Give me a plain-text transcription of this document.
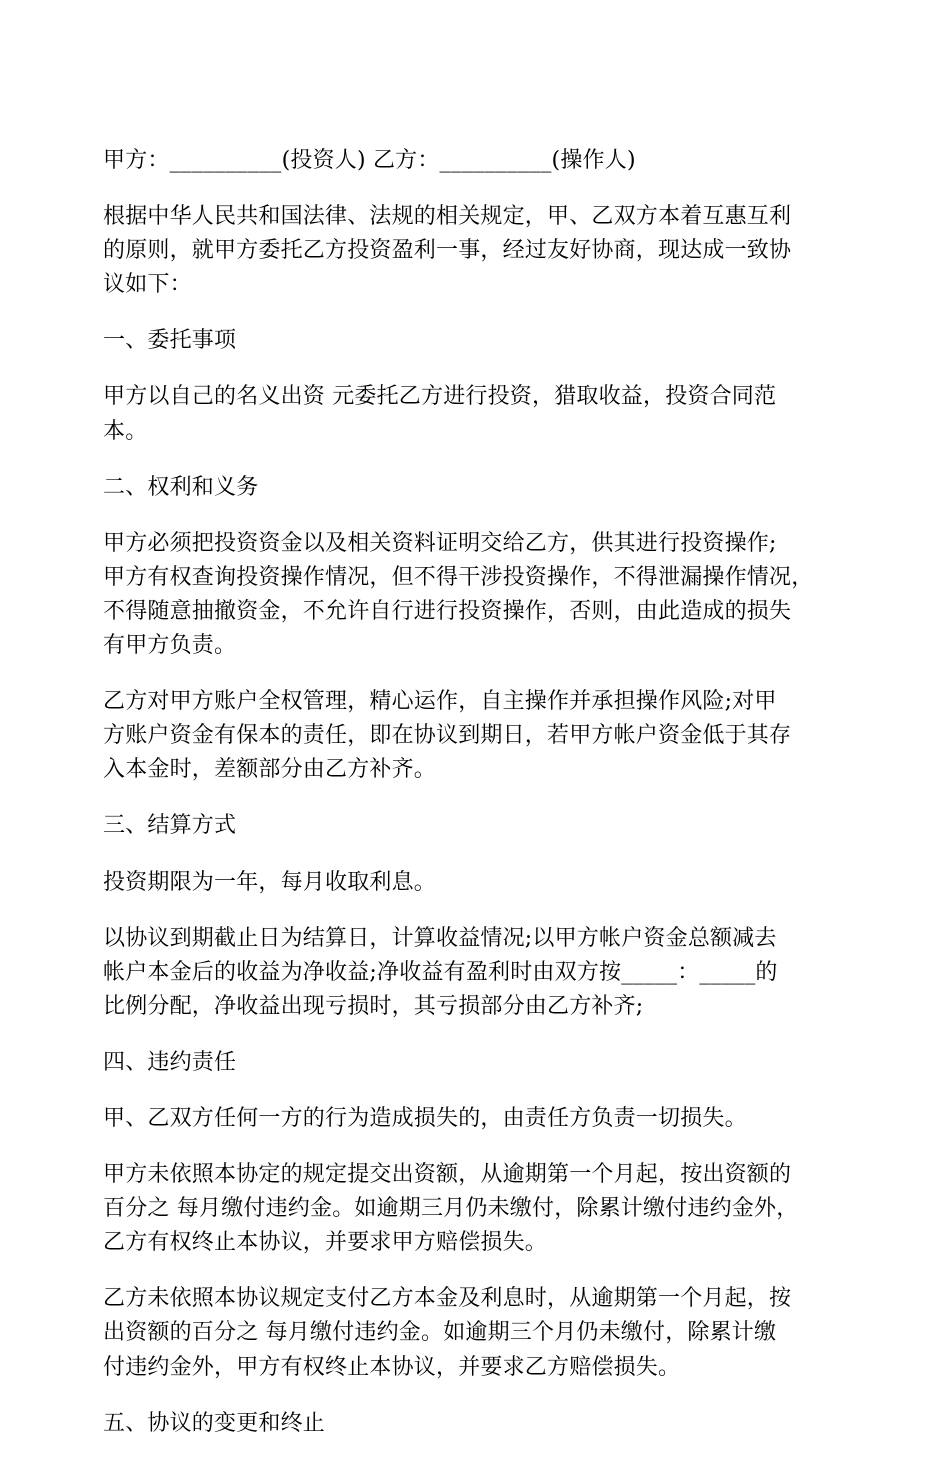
甲方：__________(投资人) 乙方：__________(操作人)
根据中华人民共和国法律、法规的相关规定，甲、乙双方本着互惠互利
的原则，就甲方委托乙方投资盈利一事，经过友好协商，现达成一致协
议如下：
一、委托事项
甲方以自己的名义出资 元委托乙方进行投资，猎取收益，投资合同范
本。
二、权利和义务
甲方必须把投资资金以及相关资料证明交给乙方，供其进行投资操作;
甲方有权查询投资操作情况，但不得干涉投资操作，不得泄漏操作情况，
不得随意抽撤资金，不允许自行进行投资操作，否则，由此造成的损失
有甲方负责。
乙方对甲方账户全权管理，精心运作，自主操作并承担操作风险;对甲
方账户资金有保本的责任，即在协议到期日，若甲方帐户资金低于其存
入本金时，差额部分由乙方补齐。
三、结算方式
投资期限为一年，每月收取利息。
以协议到期截止日为结算日，计算收益情况;以甲方帐户资金总额减去
帐户本金后的收益为净收益;净收益有盈利时由双方按_____：_____的
比例分配，净收益出现亏损时，其亏损部分由乙方补齐;
四、违约责任
甲、乙双方任何一方的行为造成损失的，由责任方负责一切损失。
甲方未依照本协定的规定提交出资额，从逾期第一个月起，按出资额的
百分之 每月缴付违约金。如逾期三月仍未缴付，除累计缴付违约金外，
乙方有权终止本协议，并要求甲方赔偿损失。
乙方未依照本协议规定支付乙方本金及利息时，从逾期第一个月起，按
出资额的百分之 每月缴付违约金。如逾期三个月仍未缴付，除累计缴
付违约金外，甲方有权终止本协议，并要求乙方赔偿损失。
五、协议的变更和终止
